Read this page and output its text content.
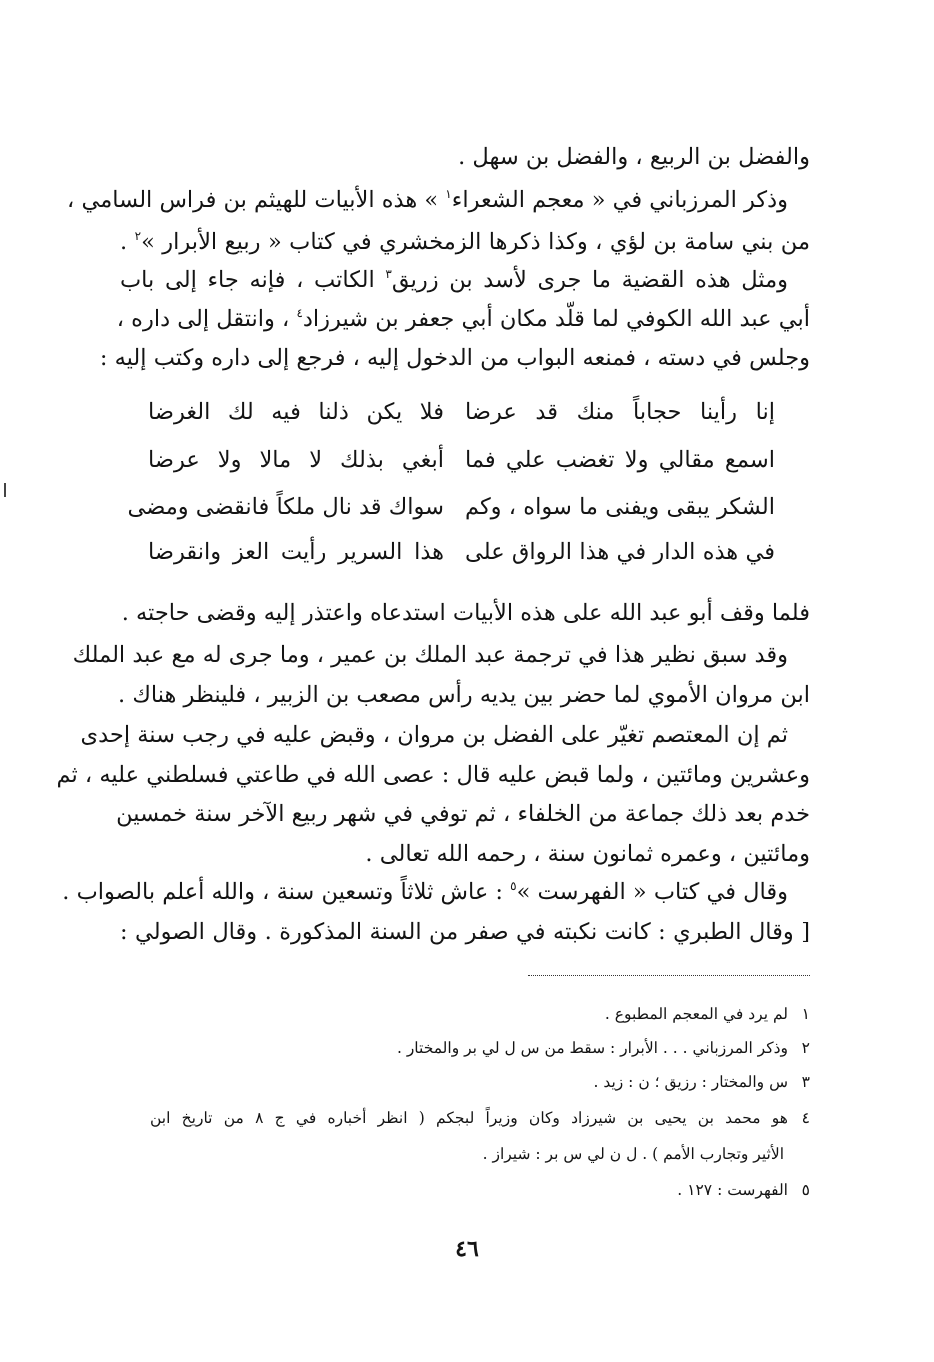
والفضل بن الربيع ، والفضل بن سهل .
وذكر المرزباني في « معجم الشعراء$^١$ » هذه الأبيات للهيثم بن فراس السامي ،
من بني سامة بن لؤي ، وكذا ذكرها الزمخشري في كتاب « ربيع الأبرار »$^٢$ .
ومثل هذه القضية ما جرى لأسد بن زريق$^٣$ الكاتب ، فإنه جاء إلى باب
أبي عبد الله الكوفي لما قلّد مكان أبي جعفر بن شيرزاد$^٤$ ، وانتقل إلى داره ،
وجلس في دسته ، فمنعه البواب من الدخول إليه ، فرجع إلى داره وكتب إليه :
إنا رأينا حجاباً منك قد عرضا
فلا يكن ذلنا فيه لك الغرضا
اسمع مقالي ولا تغضب علي فما
أبغي بذلك لا مالا ولا عرضا
الشكر يبقى ويفنى ما سواه ، وكم
سواك قد نال ملكاً فانقضى ومضى
في هذه الدار في هذا الرواق على
هذا السرير رأيت العز وانقرضا
فلما وقف أبو عبد الله على هذه الأبيات استدعاه واعتذر إليه وقضى حاجته .
وقد سبق نظير هذا في ترجمة عبد الملك بن عمير ، وما جرى له مع عبد الملك
ابن مروان الأموي لما حضر بين يديه رأس مصعب بن الزبير ، فلينظر هناك .
ثم إن المعتصم تغيّر على الفضل بن مروان ، وقبض عليه في رجب سنة إحدى
وعشرين ومائتين ، ولما قبض عليه قال : عصى الله في طاعتي فسلطني عليه ، ثم
خدم بعد ذلك جماعة من الخلفاء ، ثم توفي في شهر ربيع الآخر سنة خمسين
ومائتين ، وعمره ثمانون سنة ، رحمه الله تعالى .
وقال في كتاب « الفهرست »$^٥$ : عاش ثلاثاً وتسعين سنة ، والله أعلم بالصواب .
[ وقال الطبري : كانت نكبته في صفر من السنة المذكورة . وقال الصولي :
١لم يرد في المعجم المطبوع .
٢وذكر المرزباني . . . الأبرار : سقط من س ل لي بر والمختار .
٣س والمختار : رزيق ؛ ن : زيد .
٤هو محمد بن يحيى بن شيرزاد وكان وزيراً لبجكم ( انظر أخباره في ج ٨ من تاريخ ابن
الأثير وتجارب الأمم ) . ل ن لي س بر : شيراز .
٥الفهرست : ١٢٧ .
٤٦
